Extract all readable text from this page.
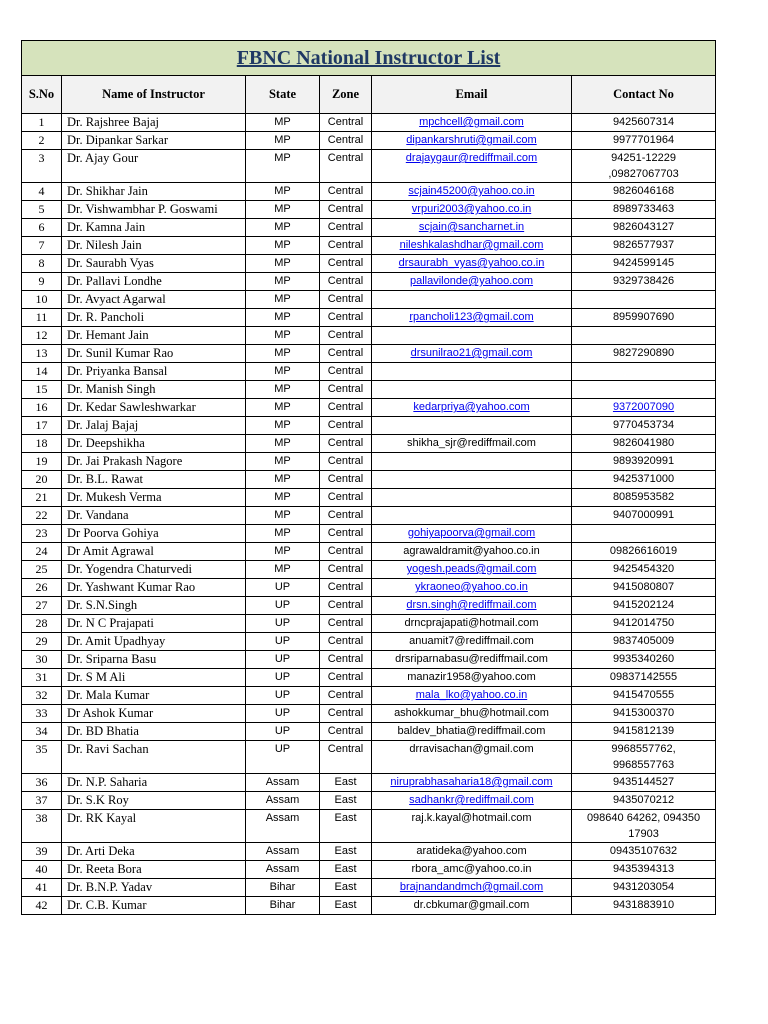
FBNC National Instructor List					
S.No	Name of Instructor	State	Zone	Email	Contact No
1	Dr. Rajshree Bajaj	MP	Central	mpchcell@gmail.com	9425607314

2	Dr. Dipankar Sarkar	MP	Central	dipankarshruti@gmail.com	9977701964

3	Dr. Ajay Gour	MP	Central	drajaygaur@rediffmail.com	94251-12229
,09827067703

4	Dr. Shikhar Jain	MP	Central	scjain45200@yahoo.co.in	9826046168

5	Dr. Vishwambhar P. Goswami	MP	Central	vrpuri2003@yahoo.co.in	8989733463

6	Dr. Kamna Jain	MP	Central	scjain@sancharnet.in	9826043127

7	Dr. Nilesh Jain	MP	Central	nileshkalashdhar@gmail.com	9826577937

8	Dr. Saurabh Vyas	MP	Central	drsaurabh_vyas@yahoo.co.in	9424599145

9	Dr. Pallavi Londhe	MP	Central	pallavilonde@yahoo.com	9329738426

10	Dr. Avyact Agarwal	MP	Central		
11	Dr. R. Pancholi	MP	Central	rpancholi123@gmail.com	8959907690

12	Dr. Hemant Jain	MP	Central		
13	Dr. Sunil Kumar Rao	MP	Central	drsunilrao21@gmail.com	9827290890

14	Dr. Priyanka Bansal	MP	Central		
15	Dr. Manish Singh	MP	Central		
16	Dr. Kedar Sawleshwarkar	MP	Central	kedarpriya@yahoo.com	9372007090

17	Dr. Jalaj Bajaj	MP	Central		9770453734

18	Dr. Deepshikha	MP	Central	shikha_sjr@rediffmail.com	9826041980

19	Dr. Jai Prakash Nagore	MP	Central		9893920991

20	Dr. B.L. Rawat	MP	Central		9425371000

21	Dr. Mukesh Verma	MP	Central		8085953582

22	Dr. Vandana	MP	Central		9407000991

23	Dr Poorva Gohiya	MP	Central	gohiyapoorva@gmail.com	
24	Dr Amit Agrawal	MP	Central	agrawaldramit@yahoo.co.in	09826616019

25	Dr. Yogendra Chaturvedi	MP	Central	yogesh.peads@gmail.com	9425454320

26	Dr. Yashwant Kumar Rao	UP	Central	ykraoneo@yahoo.co.in	9415080807

27	Dr. S.N.Singh	UP	Central	drsn.singh@rediffmail.com	9415202124

28	Dr. N C Prajapati	UP	Central	drncprajapati@hotmail.com	9412014750

29	Dr. Amit Upadhyay	UP	Central	anuamit7@rediffmail.com	9837405009

30	Dr. Sriparna Basu	UP	Central	drsriparnabasu@rediffmail.com	9935340260

31	Dr. S M Ali	UP	Central	manazir1958@yahoo.com	09837142555

32	Dr. Mala Kumar	UP	Central	mala_lko@yahoo.co.in	9415470555

33	Dr Ashok Kumar	UP	Central	ashokkumar_bhu@hotmail.com	9415300370

34	Dr. BD Bhatia	UP	Central	baldev_bhatia@rediffmail.com	9415812139

35	Dr. Ravi Sachan	UP	Central	drravisachan@gmail.com	9968557762,
9968557763

36	Dr. N.P. Saharia	Assam	East	niruprabhasaharia18@gmail.com	9435144527

37	Dr. S.K Roy	Assam	East	sadhankr@rediffmail.com	9435070212

38	Dr. RK Kayal	Assam	East	raj.k.kayal@hotmail.com	098640 64262, 094350
17903

39	Dr. Arti Deka	Assam	East	aratideka@yahoo.com	09435107632

40	Dr. Reeta Bora	Assam	East	rbora_amc@yahoo.co.in	9435394313

41	Dr. B.N.P. Yadav	Bihar	East	brajnandandmch@gmail.com	9431203054

42	Dr. C.B. Kumar	Bihar	East	dr.cbkumar@gmail.com	9431883910
